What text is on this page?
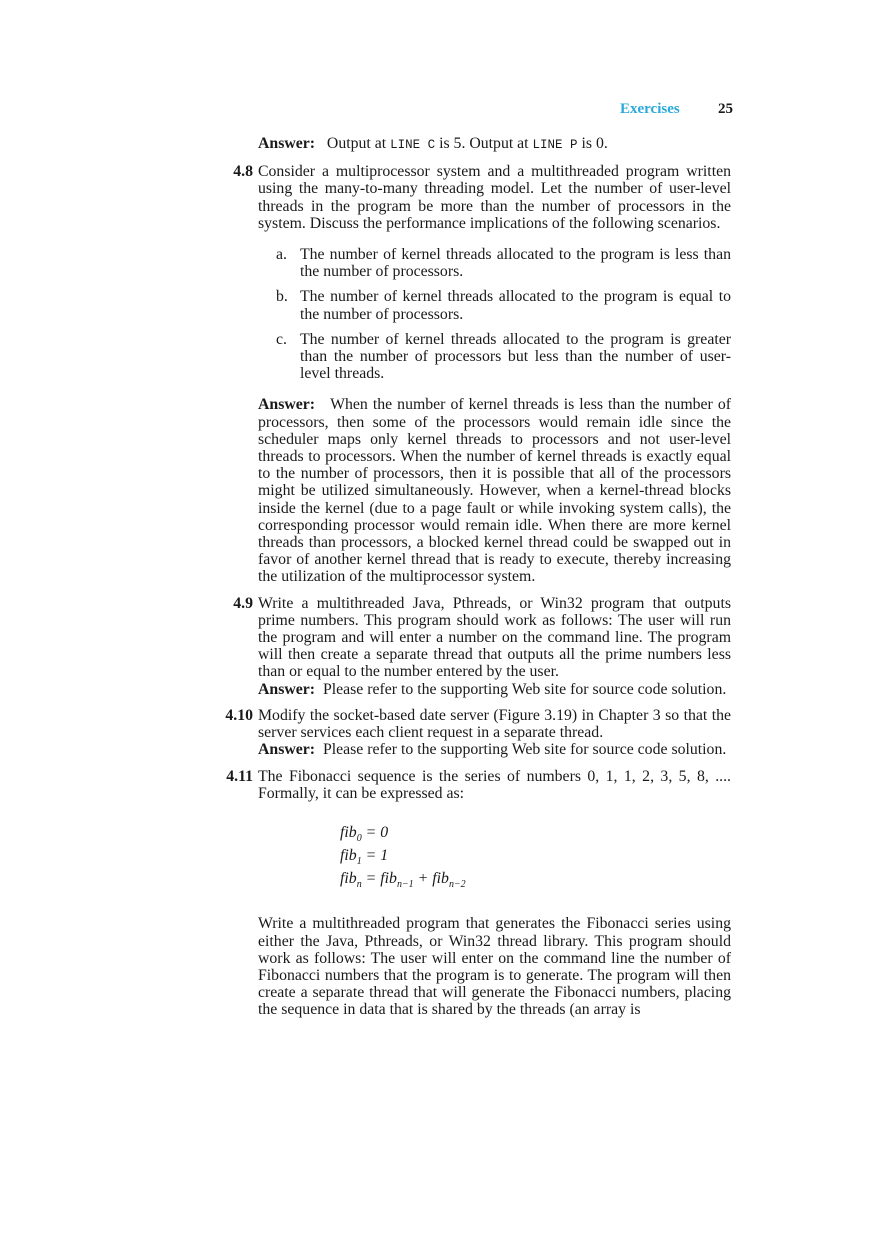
Exercises	25

Answer: Output at LINE C is 5. Output at LINE P is 0.

4.8 Consider a multiprocessor system and a multithreaded program written using the many-to-many threading model. Let the number of user-level threads in the program be more than the number of processors in the system. Discuss the performance implications of the following scenarios.

a. The number of kernel threads allocated to the program is less than the number of processors.
b. The number of kernel threads allocated to the program is equal to the number of processors.
c. The number of kernel threads allocated to the program is greater than the number of processors but less than the number of user-level threads.

Answer: When the number of kernel threads is less than the number of processors, then some of the processors would remain idle since the scheduler maps only kernel threads to processors and not user-level threads to processors. When the number of kernel threads is exactly equal to the number of processors, then it is possible that all of the processors might be utilized simultaneously. However, when a kernel-thread blocks inside the kernel (due to a page fault or while invoking system calls), the corresponding processor would remain idle. When there are more kernel threads than processors, a blocked kernel thread could be swapped out in favor of another kernel thread that is ready to execute, thereby increasing the utilization of the multiprocessor system.

4.9 Write a multithreaded Java, Pthreads, or Win32 program that outputs prime numbers. This program should work as follows: The user will run the program and will enter a number on the command line. The program will then create a separate thread that outputs all the prime numbers less than or equal to the number entered by the user.

Answer: Please refer to the supporting Web site for source code solution.

4.10 Modify the socket-based date server (Figure 3.19) in Chapter 3 so that the server services each client request in a separate thread.

Answer: Please refer to the supporting Web site for source code solution.

4.11 The Fibonacci sequence is the series of numbers 0, 1, 1, 2, 3, 5, 8, .... Formally, it can be expressed as:

fib$_0$ = 0
fib$_1$ = 1
fib$_n$ = fib$_{n-1}$ + fib$_{n-2}$

Write a multithreaded program that generates the Fibonacci series using either the Java, Pthreads, or Win32 thread library. This program should work as follows: The user will enter on the command line the number of Fibonacci numbers that the program is to generate. The program will then create a separate thread that will generate the Fibonacci numbers, placing the sequence in data that is shared by the threads (an array is
